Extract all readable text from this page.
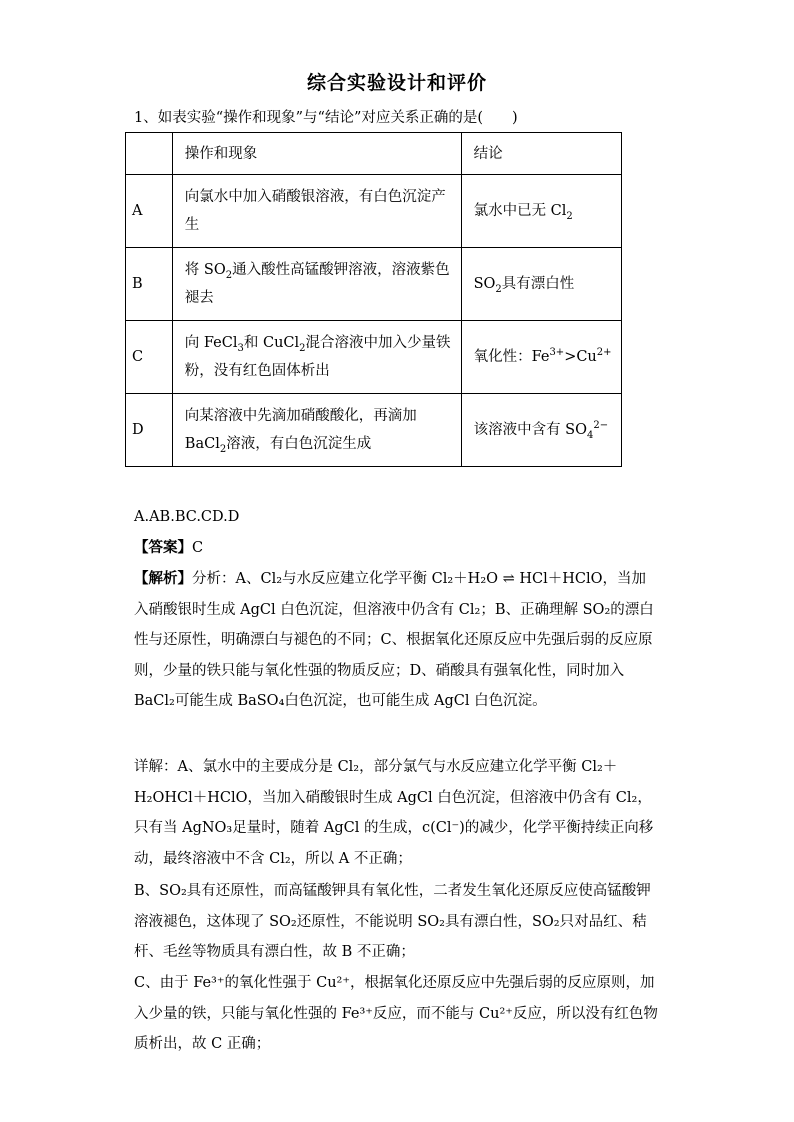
综合实验设计和评价
1、如表实验“操作和现象”与“结论”对应关系正确的是(　　)
	操作和现象	结论
A	向氯水中加入硝酸银溶液，有白色沉淀产生	氯水中已无 $Cl_2$
B	将 $SO_2$通入酸性高锰酸钾溶液，溶液紫色褪去	$SO_2$具有漂白性
C	向 FeCl$_3$和 CuCl$_2$混合溶液中加入少量铁粉，没有红色固体析出	氧化性：$Fe^{3+}>Cu^{2+}$
D	向某溶液中先滴加硝酸酸化，再滴加 BaCl$_2$溶液，有白色沉淀生成	该溶液中含有 $SO_4^{2-}$
A.AB.BC.CD.D
【答案】C
【解析】分析：A、Cl₂与水反应建立化学平衡 Cl₂＋H₂O ⇌ HCl＋HClO，当加入硝酸银时生成 AgCl 白色沉淀，但溶液中仍含有 Cl₂；B、正确理解 SO₂的漂白性与还原性，明确漂白与褪色的不同；C、根据氧化还原反应中先强后弱的反应原则，少量的铁只能与氧化性强的物质反应；D、硝酸具有强氧化性，同时加入 BaCl₂可能生成 BaSO₄白色沉淀，也可能生成 AgCl 白色沉淀。
详解：A、氯水中的主要成分是 Cl₂，部分氯气与水反应建立化学平衡 Cl₂＋H₂OHCl＋HClO，当加入硝酸银时生成 AgCl 白色沉淀，但溶液中仍含有 Cl₂，只有当 AgNO₃足量时，随着 AgCl 的生成，c(Cl⁻)的减少，化学平衡持续正向移动，最终溶液中不含 Cl₂，所以 A 不正确；
B、SO₂具有还原性，而高锰酸钾具有氧化性，二者发生氧化还原反应使高锰酸钾溶液褪色，这体现了 SO₂还原性，不能说明 SO₂具有漂白性，SO₂只对品红、秸杆、毛丝等物质具有漂白性，故 B 不正确；
C、由于 Fe³⁺的氧化性强于 Cu²⁺，根据氧化还原反应中先强后弱的反应原则，加入少量的铁，只能与氧化性强的 Fe³⁺反应，而不能与 Cu²⁺反应，所以没有红色物质析出，故 C 正确；
